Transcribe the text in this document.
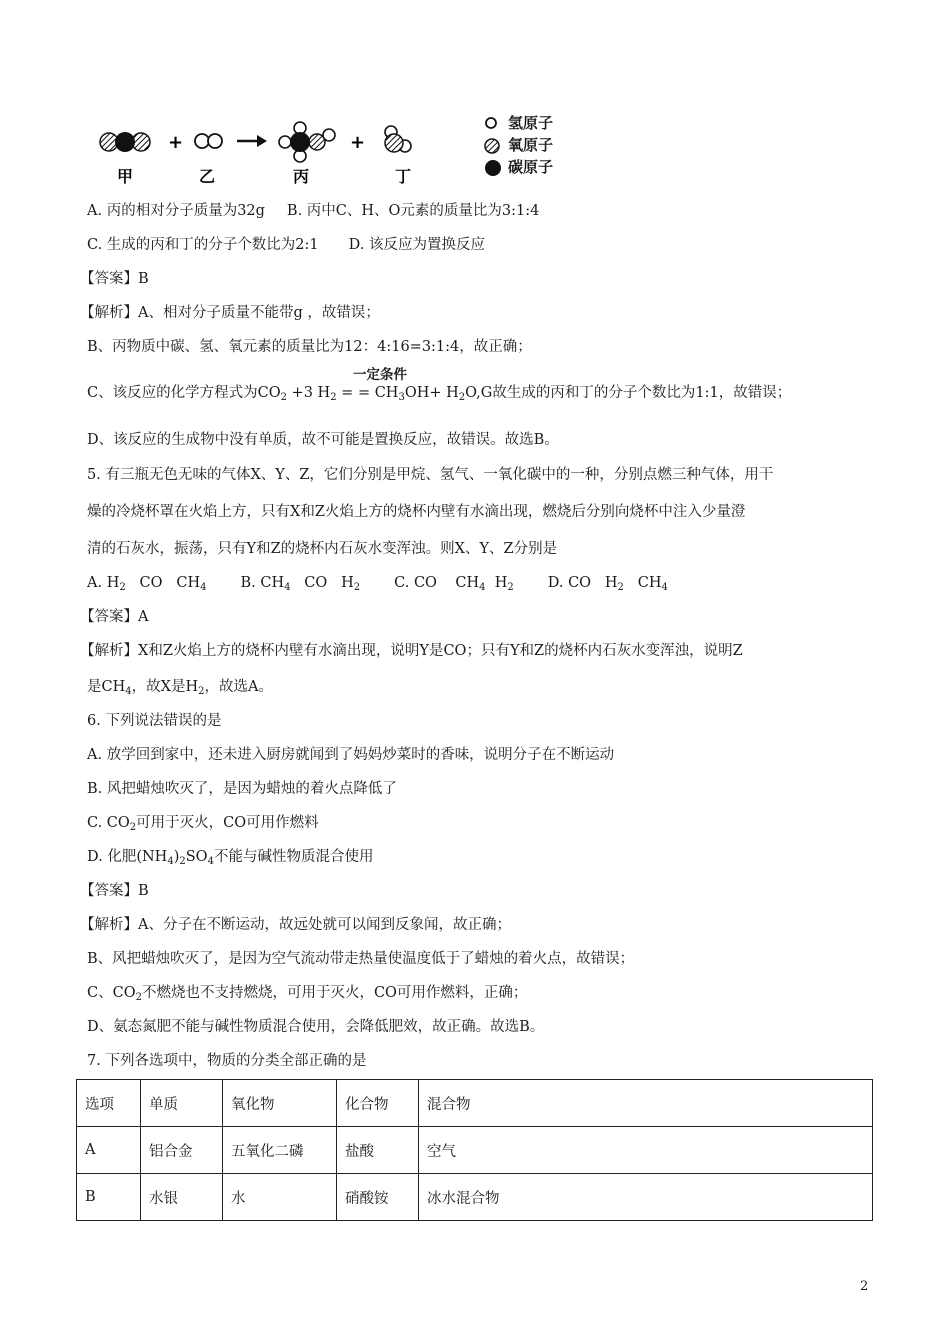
+	+
甲	乙	丙	丁
氢原子
氧原子
碳原子
A. 丙的相对分子质量为32g B. 丙中C、H、O元素的质量比为3:1:4
C. 生成的丙和丁的分子个数比为2:1 D. 该反应为置换反应
【答案】B
【解析】A、相对分子质量不能带g ，故错误；
B、丙物质中碳、氢、氧元素的质量比为12：4:16=3:1:4，故正确；
一定条件
C、该反应的化学方程式为$CO_2 +3$ $H_2$ = = $CH_3OH+ H_2O,G$故生成的丙和丁的分子个数比为1:1，故错误；
D、该反应的生成物中没有单质，故不可能是置换反应，故错误。故选B。
5. 有三瓶无色无味的气体X、Y、Z，它们分别是甲烷、氢气、一氧化碳中的一种，分别点燃三种气体，用干
燥的冷烧杯罩在火焰上方，只有X和Z火焰上方的烧杯内壁有水滴出现，燃烧后分别向烧杯中注入少量澄
清的石灰水，振荡，只有Y和Z的烧杯内石灰水变浑浊。则X、Y、Z分别是
A. $H_2$   CO   $CH_4$ B. $CH_4$   CO   $H_2$ C. CO    $CH_4$  $H_2$ D. CO   $H_2$   $CH_4$
【答案】A
【解析】X和Z火焰上方的烧杯内壁有水滴出现，说明Y是CO；只有Y和Z的烧杯内石灰水变浑浊，说明Z
是$CH_4$，故X是$H_2$，故选A。
6. 下列说法错误的是
A. 放学回到家中，还未进入厨房就闻到了妈妈炒菜时的香味，说明分子在不断运动
B. 风把蜡烛吹灭了，是因为蜡烛的着火点降低了
C. $CO_2$可用于灭火，CO可用作燃料
D. 化肥$(NH_4)_2SO_4$不能与碱性物质混合使用
【答案】B
【解析】A、分子在不断运动，故远处就可以闻到反象闻，故正确；
B、风把蜡烛吹灭了，是因为空气流动带走热量使温度低于了蜡烛的着火点，故错误；
C、$CO_2$不燃烧也不支持燃烧，可用于灭火，CO可用作燃料，正确；
D、氨态氮肥不能与碱性物质混合使用，会降低肥效，故正确。故选B。
7. 下列各选项中，物质的分类全部正确的是
选项	单质	氧化物	化合物	混合物
A	铝合金	五氧化二磷	盐酸	空气
B	水银	水	硝酸铵	冰水混合物
2
